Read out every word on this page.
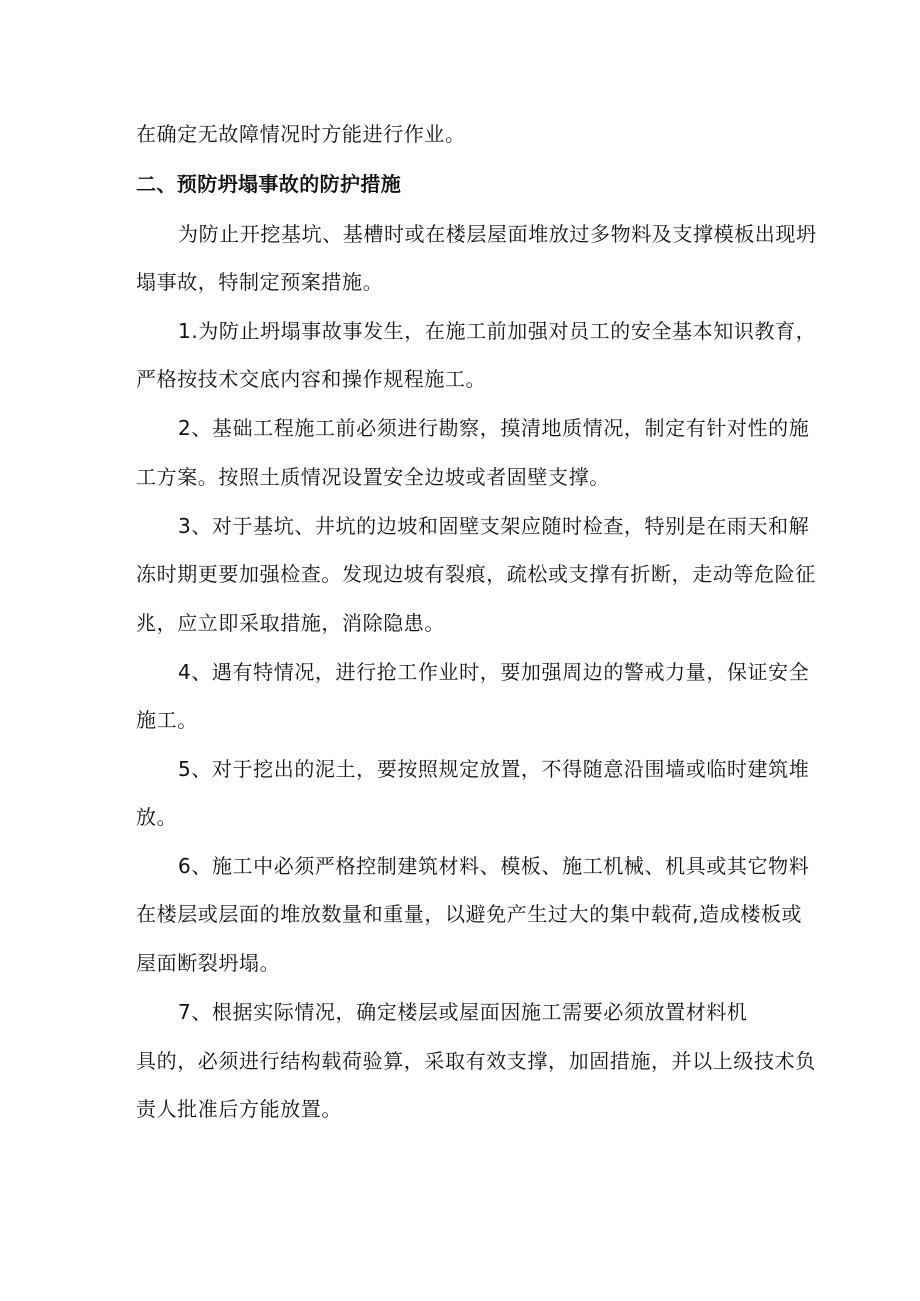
在确定无故障情况时方能进行作业。
二、预防坍塌事故的防护措施
为防止开挖基坑、基槽时或在楼层屋面堆放过多物料及支撑模板出现坍
塌事故，特制定预案措施。
1.为防止坍塌事故事发生，在施工前加强对员工的安全基本知识教育，
严格按技术交底内容和操作规程施工。
2、基础工程施工前必须进行勘察，摸清地质情况，制定有针对性的施
工方案。按照土质情况设置安全边坡或者固壁支撑。
3、对于基坑、井坑的边坡和固壁支架应随时检查，特别是在雨天和解
冻时期更要加强检查。发现边坡有裂痕，疏松或支撑有折断，走动等危险征
兆，应立即采取措施，消除隐患。
4、遇有特情况，进行抢工作业时，要加强周边的警戒力量，保证安全
施工。
5、对于挖出的泥土，要按照规定放置，不得随意沿围墙或临时建筑堆
放。
6、施工中必须严格控制建筑材料、模板、施工机械、机具或其它物料
在楼层或层面的堆放数量和重量，以避免产生过大的集中载荷,造成楼板或
屋面断裂坍塌。
7、根据实际情况，确定楼层或屋面因施工需要必须放置材料机
具的，必须进行结构载荷验算，采取有效支撑，加固措施，并以上级技术负
责人批准后方能放置。
